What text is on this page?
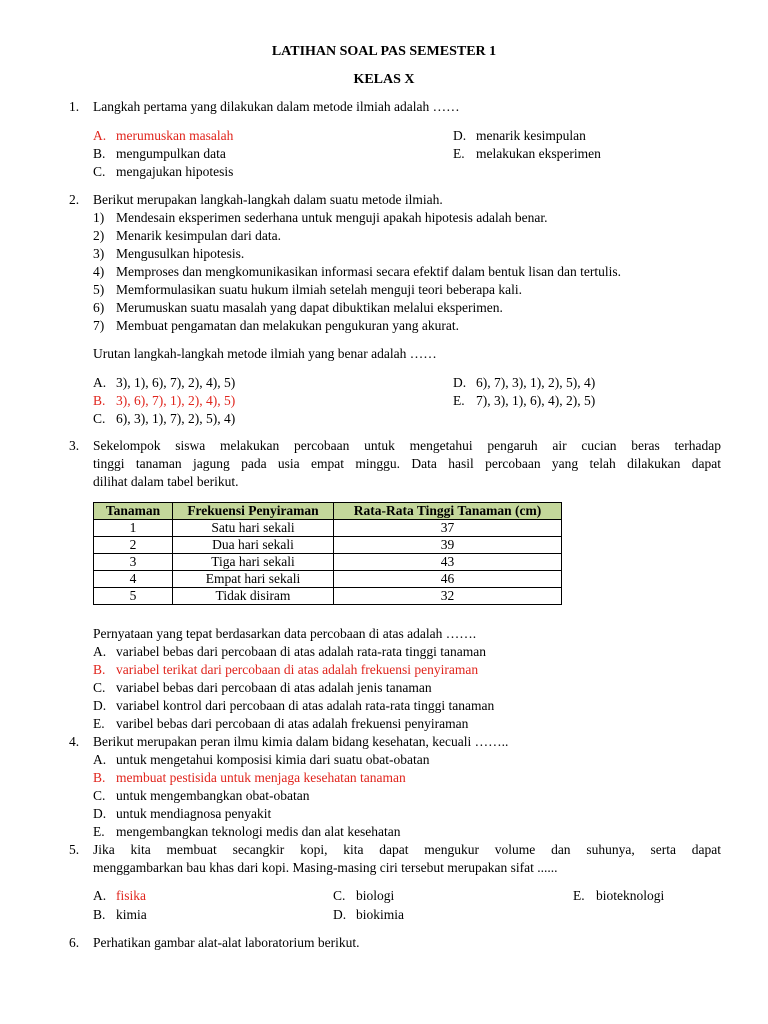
LATIHAN SOAL PAS SEMESTER 1
KELAS X
1. Langkah pertama yang dilakukan dalam metode ilmiah adalah ……
A. merumuskan masalah
B. mengumpulkan data
C. mengajukan hipotesis
D. menarik kesimpulan
E. melakukan eksperimen
2. Berikut merupakan langkah-langkah dalam suatu metode ilmiah.
1) Mendesain eksperimen sederhana untuk menguji apakah hipotesis adalah benar.
2) Menarik kesimpulan dari data.
3) Mengusulkan hipotesis.
4) Memproses dan mengkomunikasikan informasi secara efektif dalam bentuk lisan dan tertulis.
5) Memformulasikan suatu hukum ilmiah setelah menguji teori beberapa kali.
6) Merumuskan suatu masalah yang dapat dibuktikan melalui eksperimen.
7) Membuat pengamatan dan melakukan pengukuran yang akurat.
Urutan langkah-langkah metode ilmiah yang benar adalah ……
A. 3), 1), 6), 7), 2), 4), 5)
B. 3), 6), 7), 1), 2), 4), 5)
C. 6), 3), 1), 7), 2), 5), 4)
D. 6), 7), 3), 1), 2), 5), 4)
E. 7), 3), 1), 6), 4), 2), 5)
3. Sekelompok siswa melakukan percobaan untuk mengetahui pengaruh air cucian beras terhadap
tinggi tanaman jagung pada usia empat minggu. Data hasil percobaan yang telah dilakukan dapat
dilihat dalam tabel berikut.
Tanaman	Frekuensi Penyiraman	Rata-Rata Tinggi Tanaman (cm)
1	Satu hari sekali	37
2	Dua hari sekali	39
3	Tiga hari sekali	43
4	Empat hari sekali	46
5	Tidak disiram	32
Pernyataan yang tepat berdasarkan data percobaan di atas adalah …….
A. variabel bebas dari percobaan di atas adalah rata-rata tinggi tanaman
B. variabel terikat dari percobaan di atas adalah frekuensi penyiraman
C. variabel bebas dari percobaan di atas adalah jenis tanaman
D. variabel kontrol dari percobaan di atas adalah rata-rata tinggi tanaman
E. varibel bebas dari percobaan di atas adalah frekuensi penyiraman
4. Berikut merupakan peran ilmu kimia dalam bidang kesehatan, kecuali ……..
A. untuk mengetahui komposisi kimia dari suatu obat-obatan
B. membuat pestisida untuk menjaga kesehatan tanaman
C. untuk mengembangkan obat-obatan
D. untuk mendiagnosa penyakit
E. mengembangkan teknologi medis dan alat kesehatan
5. Jika kita membuat secangkir kopi, kita dapat mengukur volume dan suhunya, serta dapat
menggambarkan bau khas dari kopi. Masing-masing ciri tersebut merupakan sifat ......
A. fisika
B. kimia
C. biologi
D. biokimia
E. bioteknologi
6. Perhatikan gambar alat-alat laboratorium berikut.
